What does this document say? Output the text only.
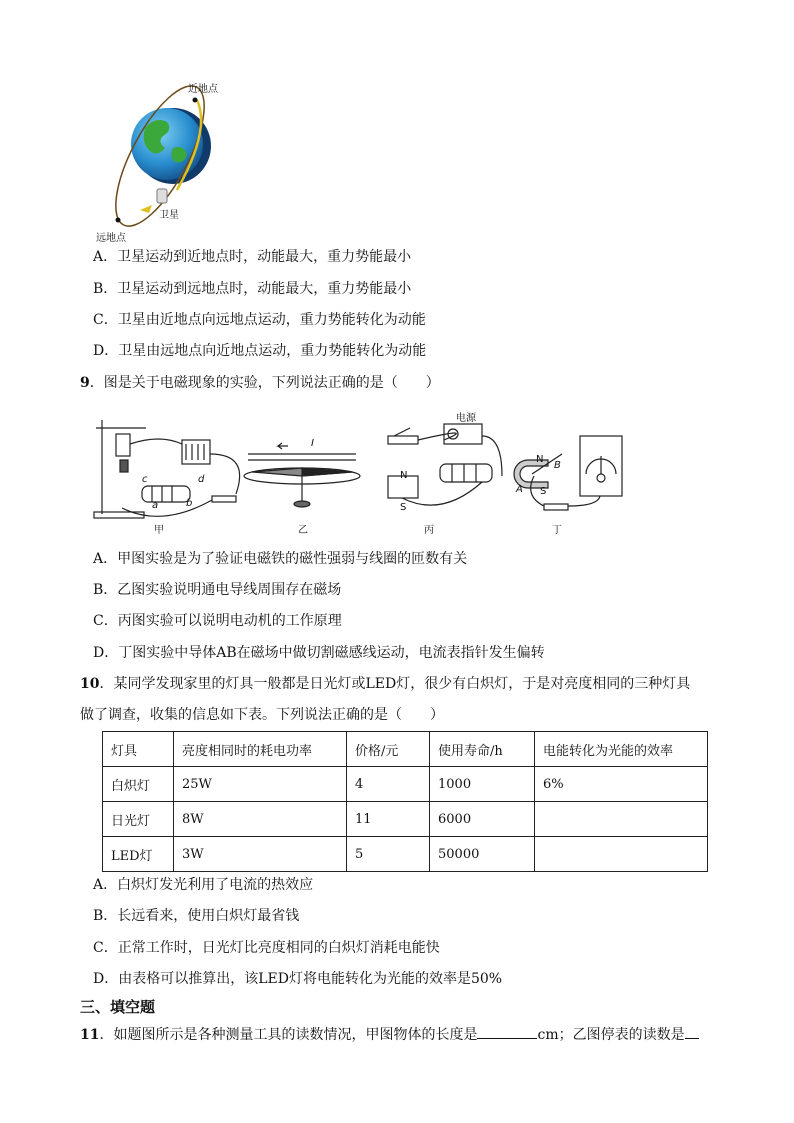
近地点
卫星
远地点
A．卫星运动到近地点时，动能最大，重力势能最小
B．卫星运动到远地点时，动能最大，重力势能最小
C．卫星由近地点向远地点运动，重力势能转化为动能
D．卫星由远地点向近地点运动，重力势能转化为动能
9．图是关于电磁现象的实验，下列说法正确的是（　　）
电源
I
N
S
N
B
A S
c	d
a	b
甲	乙	丙	丁
A．甲图实验是为了验证电磁铁的磁性强弱与线圈的匝数有关
B．乙图实验说明通电导线周围存在磁场
C．丙图实验可以说明电动机的工作原理
D．丁图实验中导体AB在磁场中做切割磁感线运动，电流表指针发生偏转
10．某同学发现家里的灯具一般都是日光灯或LED灯，很少有白炽灯，于是对亮度相同的三种灯具
做了调查，收集的信息如下表。下列说法正确的是（　　）
灯具	亮度相同时的耗电功率	价格/元	使用寿命/h	电能转化为光能的效率
白炽灯	25W	4	1000	6%
日光灯	8W	11	6000	
LED灯	3W	5	50000	
A．白炽灯发光利用了电流的热效应
B．长远看来，使用白炽灯最省钱
C．正常工作时，日光灯比亮度相同的白炽灯消耗电能快
D．由表格可以推算出，该LED灯将电能转化为光能的效率是50%
三、填空题
11．如题图所示是各种测量工具的读数情况，甲图物体的长度是	cm；乙图停表的读数是
